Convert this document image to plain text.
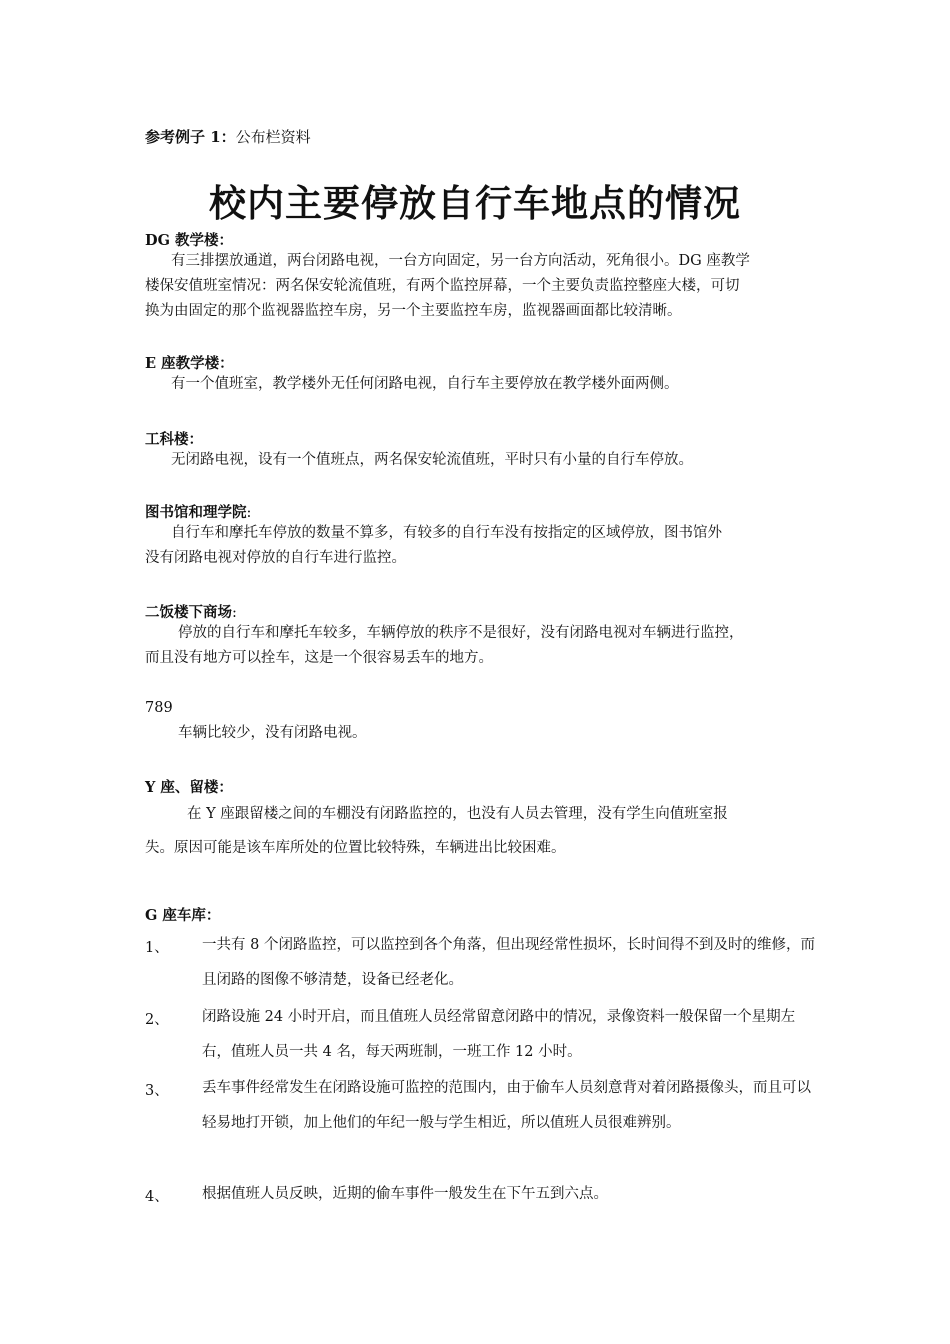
参考例子 1：公布栏资料
校内主要停放自行车地点的情况
DG 教学楼：
有三排摆放通道，两台闭路电视，一台方向固定，另一台方向活动，死角很小。DG 座教学
楼保安值班室情况：两名保安轮流值班，有两个监控屏幕，一个主要负责监控整座大楼，可切
换为由固定的那个监视器监控车房，另一个主要监控车房，监视器画面都比较清晰。
E 座教学楼：
有一个值班室，教学楼外无任何闭路电视，自行车主要停放在教学楼外面两侧。
工科楼：
无闭路电视，设有一个值班点，两名保安轮流值班，平时只有小量的自行车停放。
图书馆和理学院:
自行车和摩托车停放的数量不算多，有较多的自行车没有按指定的区域停放，图书馆外
没有闭路电视对停放的自行车进行监控。
二饭楼下商场:
停放的自行车和摩托车较多，车辆停放的秩序不是很好，没有闭路电视对车辆进行监控，
而且没有地方可以拴车，这是一个很容易丢车的地方。
789
车辆比较少，没有闭路电视。
Y 座、留楼：
在 Y 座跟留楼之间的车棚没有闭路监控的，也没有人员去管理，没有学生向值班室报
失。原因可能是该车库所处的位置比较特殊，车辆进出比较困难。
G 座车库：
1、 一共有 8 个闭路监控，可以监控到各个角落，但出现经常性损坏，长时间得不到及时的维修，而且闭路的图像不够清楚，设备已经老化。
2、 闭路设施 24 小时开启，而且值班人员经常留意闭路中的情况，录像资料一般保留一个星期左右，值班人员一共 4 名，每天两班制，一班工作 12 小时。
3、 丢车事件经常发生在闭路设施可监控的范围内，由于偷车人员刻意背对着闭路摄像头，而且可以轻易地打开锁，加上他们的年纪一般与学生相近，所以值班人员很难辨别。
4、 根据值班人员反映，近期的偷车事件一般发生在下午五到六点。
